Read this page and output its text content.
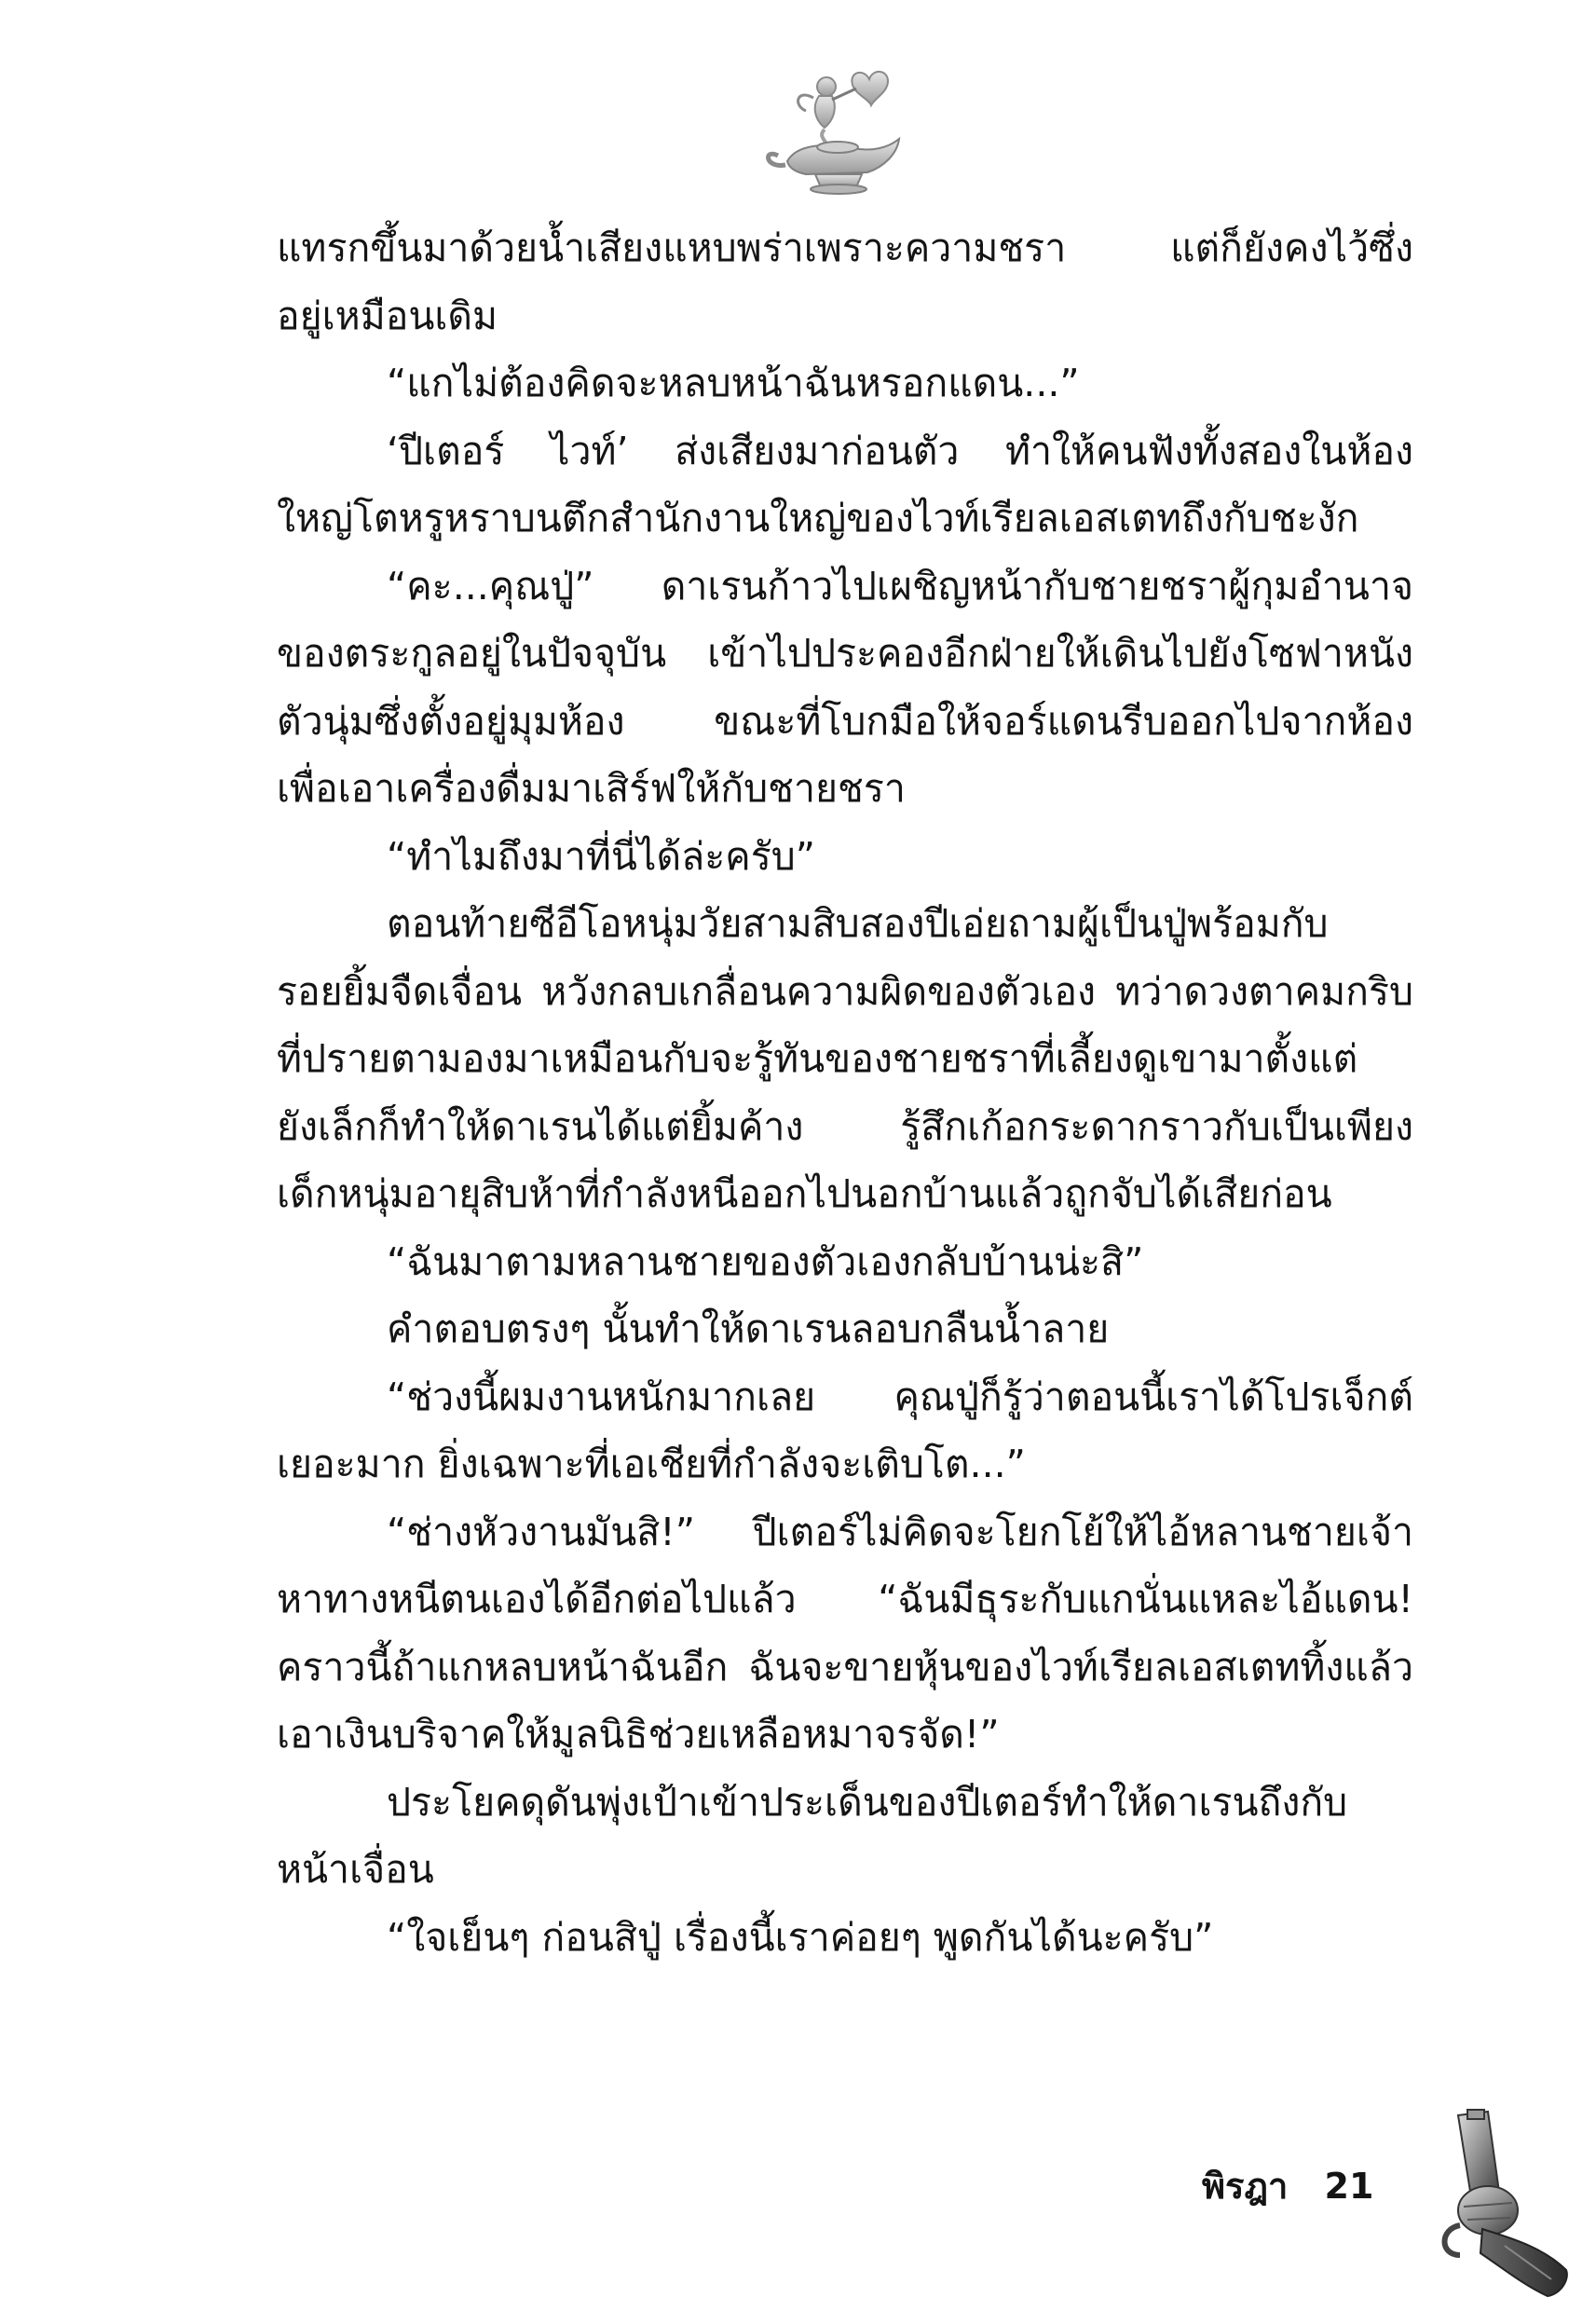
แทรกขึ้นมาด้วยน้ำเสียงแหบพร่าเพราะความชรา แต่ก็ยังคงไว้ซึ่ง
อยู่เหมือนเดิม
“แกไม่ต้องคิดจะหลบหน้าฉันหรอกแดน...”
‘ปีเตอร์ ไวท์’ ส่งเสียงมาก่อนตัว ทำให้คนฟังทั้งสองในห้อง
ใหญ่โตหรูหราบนตึกสำนักงานใหญ่ของไวท์เรียลเอสเตทถึงกับชะงัก
“คะ...คุณปู่” ดาเรนก้าวไปเผชิญหน้ากับชายชราผู้กุมอำนาจ
ของตระกูลอยู่ในปัจจุบัน เข้าไปประคองอีกฝ่ายให้เดินไปยังโซฟาหนัง
ตัวนุ่มซึ่งตั้งอยู่มุมห้อง ขณะที่โบกมือให้จอร์แดนรีบออกไปจากห้อง
เพื่อเอาเครื่องดื่มมาเสิร์ฟให้กับชายชรา
“ทำไมถึงมาที่นี่ได้ล่ะครับ”
ตอนท้ายซีอีโอหนุ่มวัยสามสิบสองปีเอ่ยถามผู้เป็นปู่พร้อมกับ
รอยยิ้มจืดเจื่อน หวังกลบเกลื่อนความผิดของตัวเอง ทว่าดวงตาคมกริบ
ที่ปรายตามองมาเหมือนกับจะรู้ทันของชายชราที่เลี้ยงดูเขามาตั้งแต่
ยังเล็กก็ทำให้ดาเรนได้แต่ยิ้มค้าง รู้สึกเก้อกระดากราวกับเป็นเพียง
เด็กหนุ่มอายุสิบห้าที่กำลังหนีออกไปนอกบ้านแล้วถูกจับได้เสียก่อน
“ฉันมาตามหลานชายของตัวเองกลับบ้านน่ะสิ”
คำตอบตรงๆ นั้นทำให้ดาเรนลอบกลืนน้ำลาย
“ช่วงนี้ผมงานหนักมากเลย คุณปู่ก็รู้ว่าตอนนี้เราได้โปรเจ็กต์
เยอะมาก ยิ่งเฉพาะที่เอเชียที่กำลังจะเติบโต...”
“ช่างหัวงานมันสิ!” ปีเตอร์ไม่คิดจะโยกโย้ให้ไอ้หลานชายเจ้า
หาทางหนีตนเองได้อีกต่อไปแล้ว “ฉันมีธุระกับแกนั่นแหละไอ้แดน!
คราวนี้ถ้าแกหลบหน้าฉันอีก ฉันจะขายหุ้นของไวท์เรียลเอสเตททิ้งแล้ว
เอาเงินบริจาคให้มูลนิธิช่วยเหลือหมาจรจัด!”
ประโยคดุดันพุ่งเป้าเข้าประเด็นของปีเตอร์ทำให้ดาเรนถึงกับ
หน้าเจื่อน
“ใจเย็นๆ ก่อนสิปู่ เรื่องนี้เราค่อยๆ พูดกันได้นะครับ”
พิรฎา 21
